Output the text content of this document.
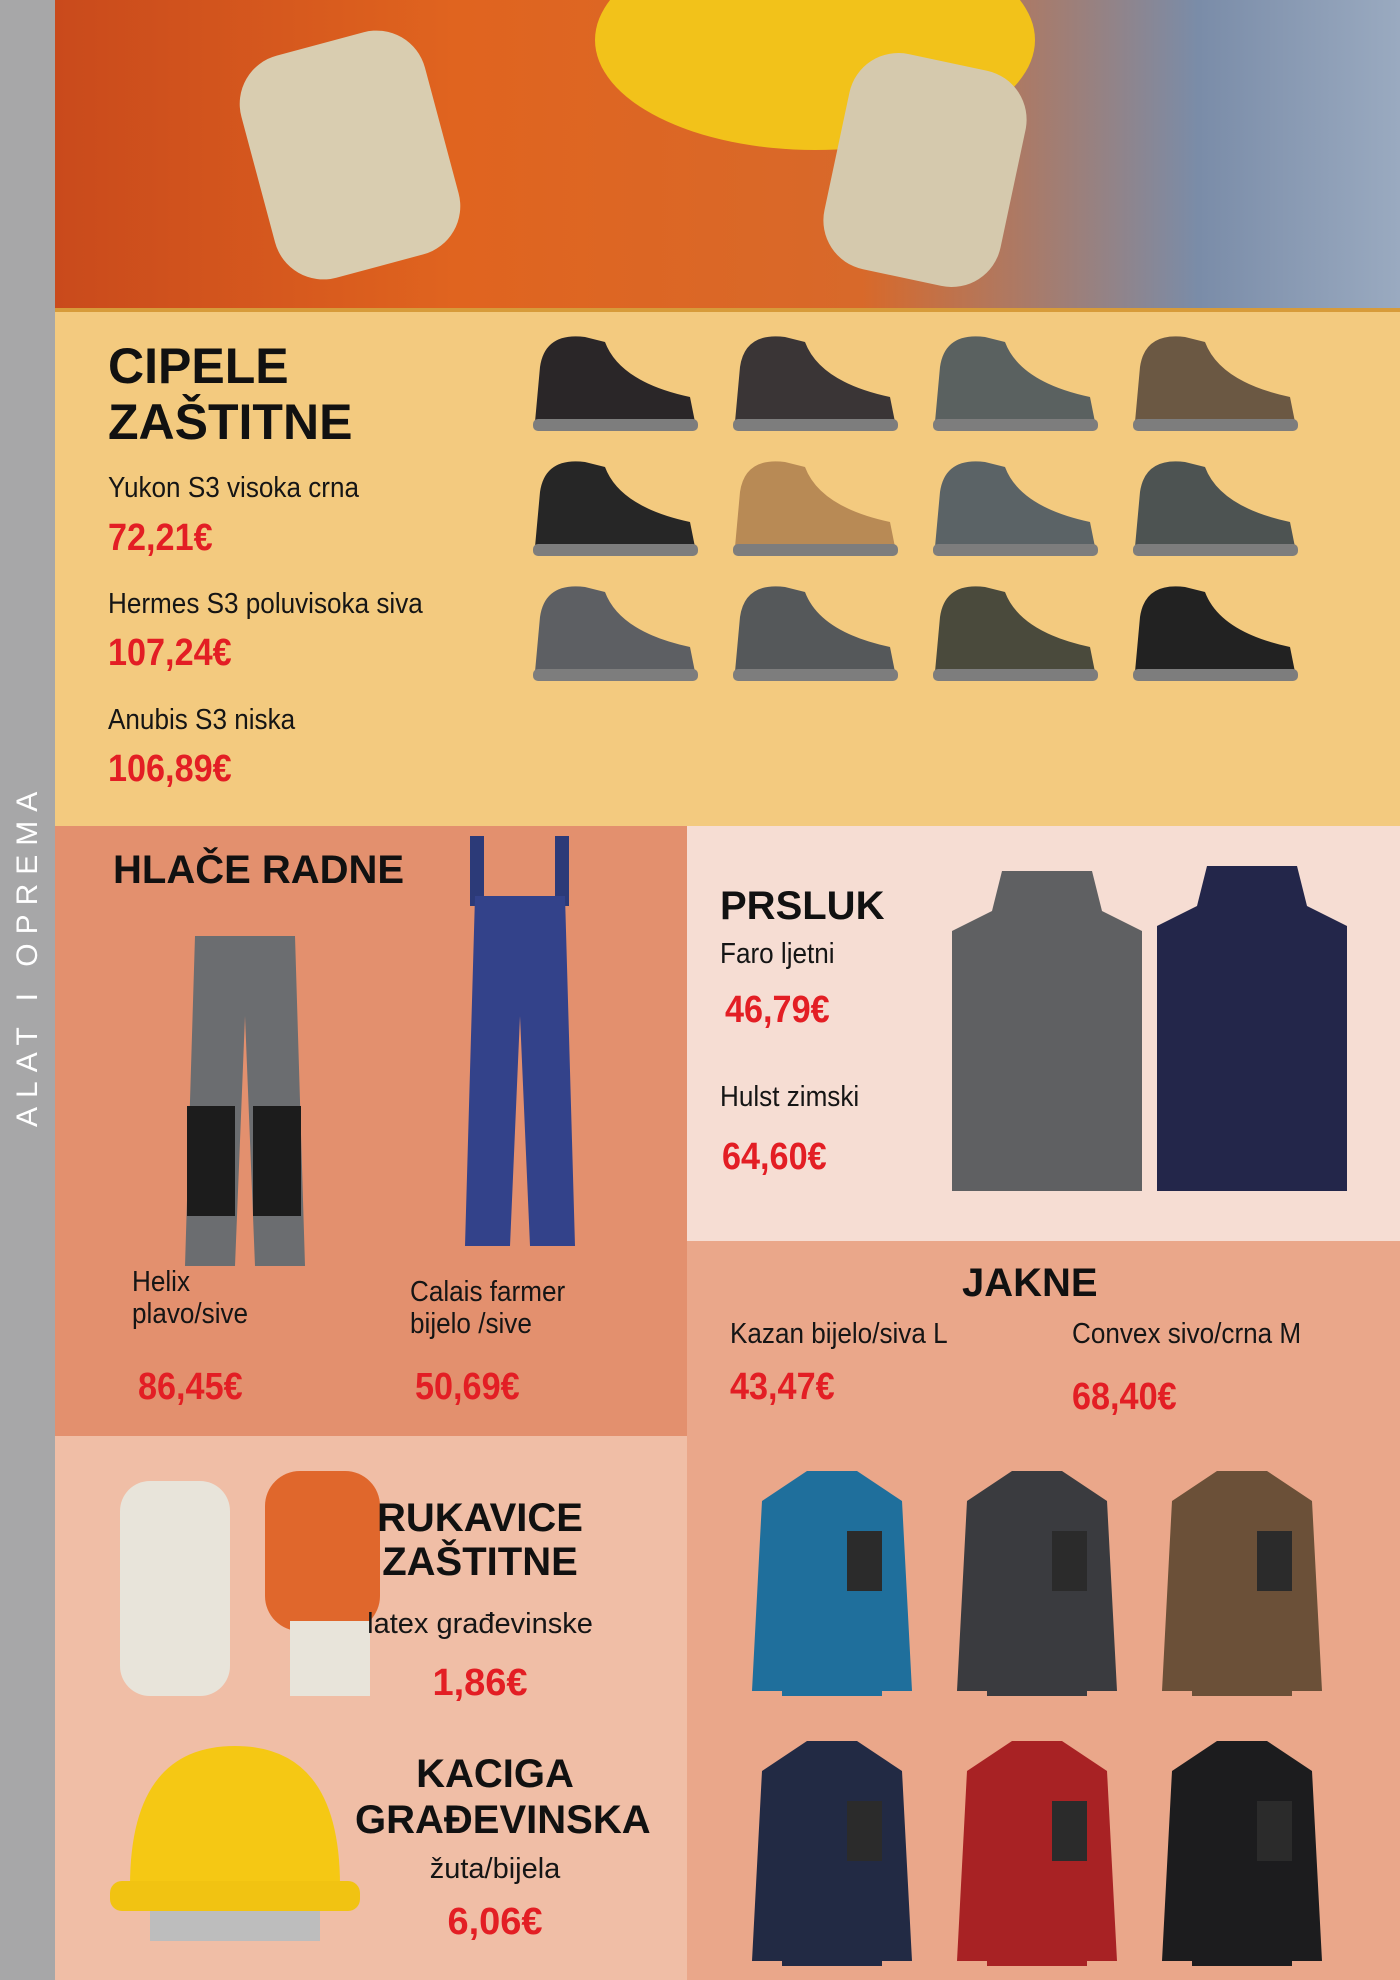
ALAT I OPREMA
CIPELE
ZAŠTITNE
Yukon S3 visoka crna
72,21€
Hermes S3 poluvisoka siva
107,24€
Anubis S3 niska
106,89€
HLAČE RADNE
Helix
plavo/sive
86,45€
Calais farmer
bijelo /sive
50,69€
PRSLUK
Faro ljetni
46,79€
Hulst zimski
64,60€
JAKNE
Kazan bijelo/siva L
43,47€
Convex sivo/crna M
68,40€
RUKAVICE
ZAŠTITNE
latex građevinske
1,86€
KACIGA
GRAĐEVINSKA
žuta/bijela
6,06€
